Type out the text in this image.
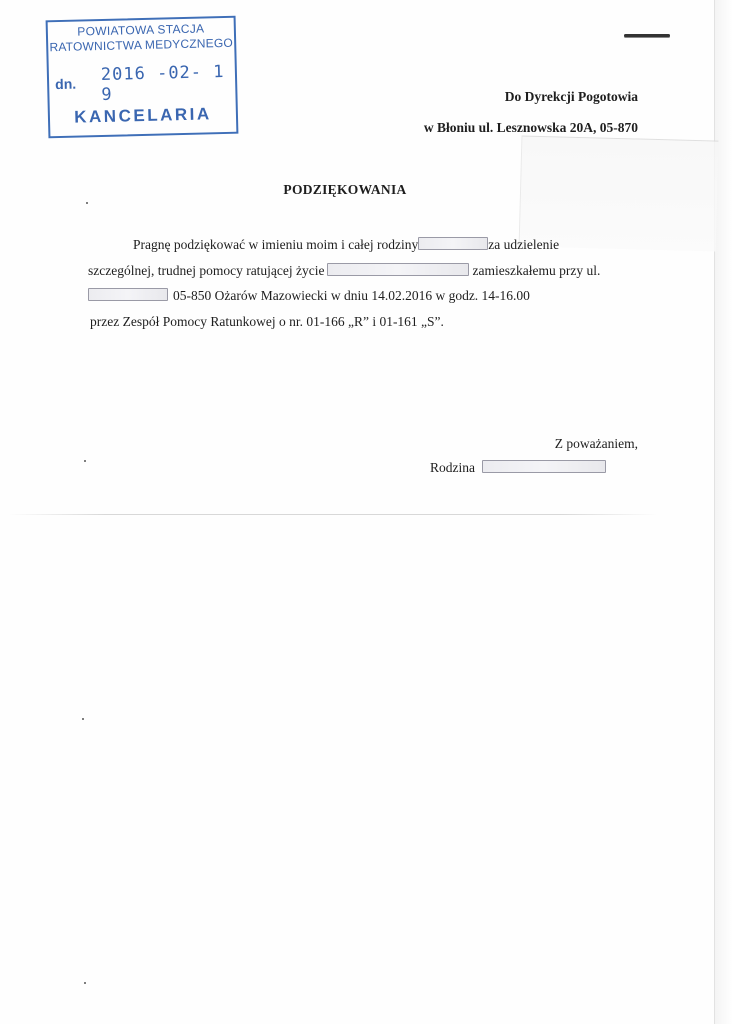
POWIATOWA STACJA
RATOWNICTWA MEDYCZNEGO
dn. 2016 -02- 1 9
KANCELARIA
Do Dyrekcji Pogotowia
w Błoniu ul. Lesznowska 20A, 05-870
PODZIĘKOWANIA
Pragnę podziękować w imieniu moim i całej rodziny	za udzielenie
szczególnej, trudnej pomocy ratującej życie	zamieszkałemu przy ul.
05-850 Ożarów Mazowiecki w dniu 14.02.2016 w godz. 14-16.00
przez Zespół Pomocy Ratunkowej o nr. 01-166 „R” i 01-161 „S”.
Z poważaniem,
Rodzina
